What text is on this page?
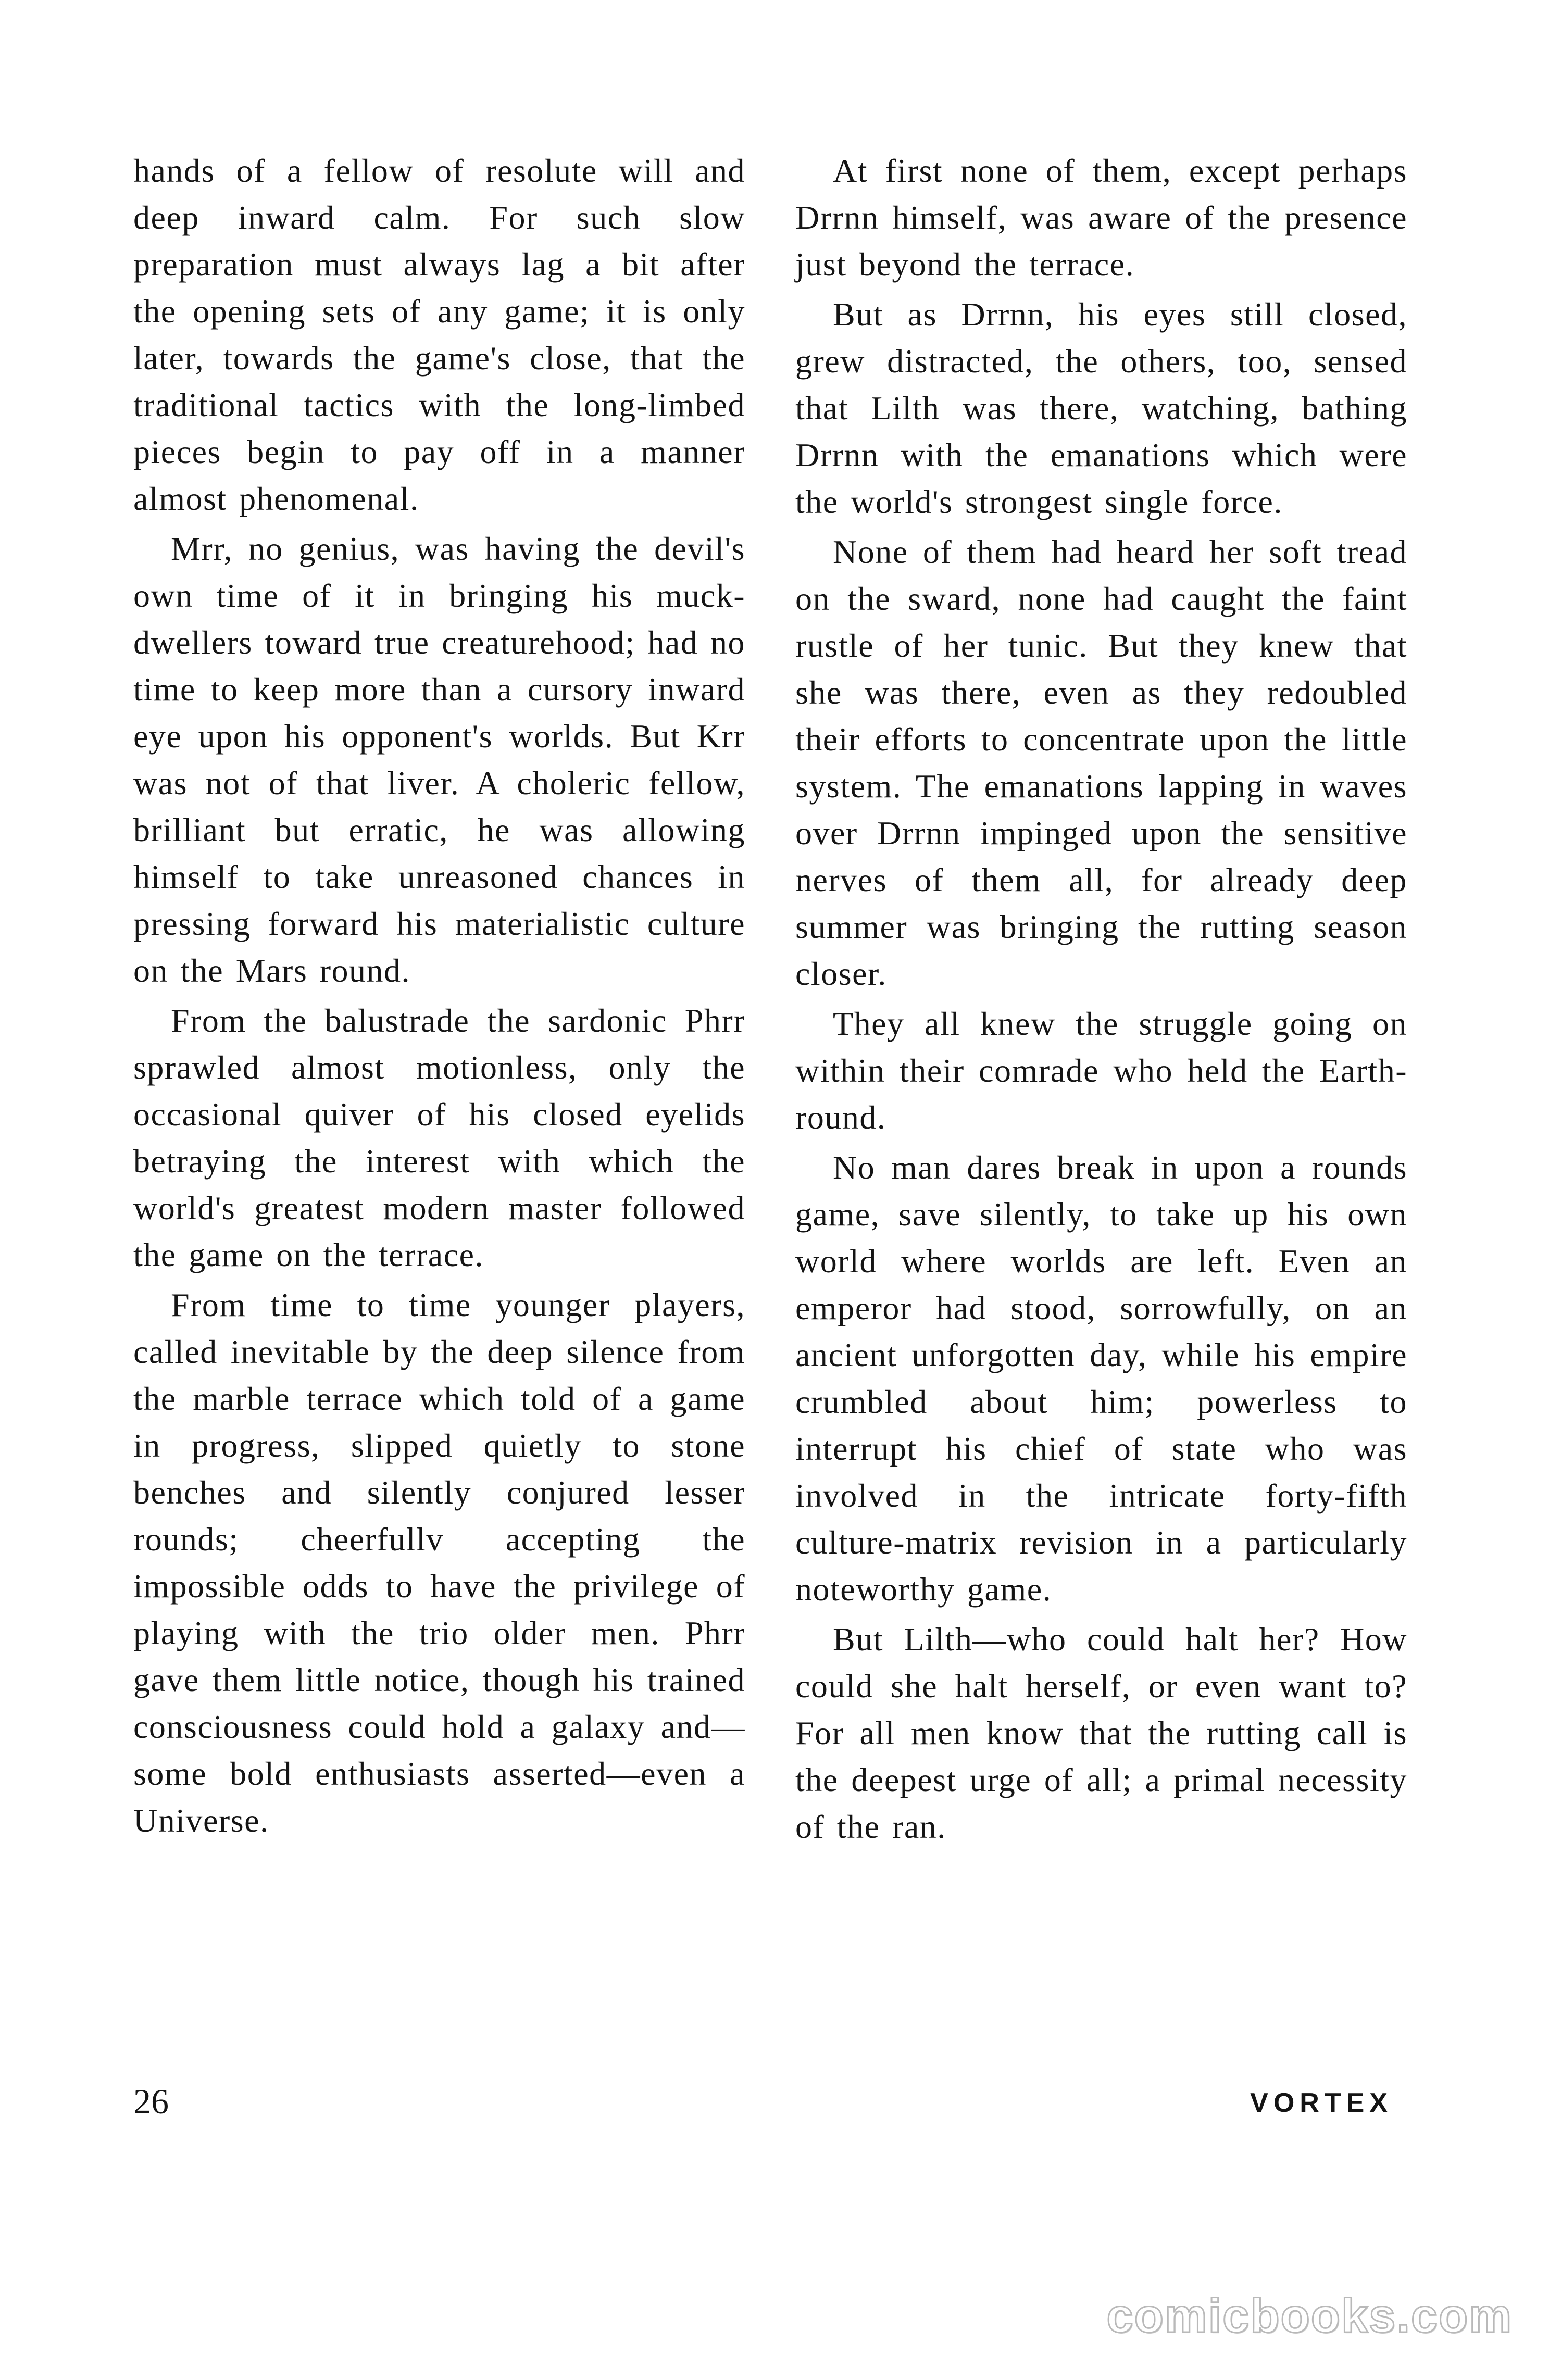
hands of a fellow of resolute will and deep inward calm. For such slow preparation must always lag a bit after the opening sets of any game; it is only later, towards the game's close, that the traditional tactics with the long-limbed pieces begin to pay off in a manner almost phenomenal.

Mrr, no genius, was having the devil's own time of it in bringing his muck-dwellers toward true creaturehood; had no time to keep more than a cursory inward eye upon his opponent's worlds. But Krr was not of that liver. A choleric fellow, brilliant but erratic, he was allowing himself to take unreasoned chances in pressing forward his materialistic culture on the Mars round.

From the balustrade the sardonic Phrr sprawled almost motionless, only the occasional quiver of his closed eyelids betraying the interest with which the world's greatest modern master followed the game on the terrace.

From time to time younger players, called inevitable by the deep silence from the marble terrace which told of a game in progress, slipped quietly to stone benches and silently conjured lesser rounds; cheerfullv accepting the impossible odds to have the privilege of playing with the trio older men. Phrr gave them little notice, though his trained consciousness could hold a galaxy and—some bold enthusiasts asserted—even a Universe.

At first none of them, except perhaps Drrnn himself, was aware of the presence just beyond the terrace.

But as Drrnn, his eyes still closed, grew distracted, the others, too, sensed that Lilth was there, watching, bathing Drrnn with the emanations which were the world's strongest single force.

None of them had heard her soft tread on the sward, none had caught the faint rustle of her tunic. But they knew that she was there, even as they redoubled their efforts to concentrate upon the little system. The emanations lapping in waves over Drrnn impinged upon the sensitive nerves of them all, for already deep summer was bringing the rutting season closer.

They all knew the struggle going on within their comrade who held the Earth-round.

No man dares break in upon a rounds game, save silently, to take up his own world where worlds are left. Even an emperor had stood, sorrowfully, on an ancient unforgotten day, while his empire crumbled about him; powerless to interrupt his chief of state who was involved in the intricate forty-fifth culture-matrix revision in a particularly noteworthy game.

But Lilth—who could halt her? How could she halt herself, or even want to? For all men know that the rutting call is the deepest urge of all; a primal necessity of the ran.

26	VORTEX
comicbooks.com
